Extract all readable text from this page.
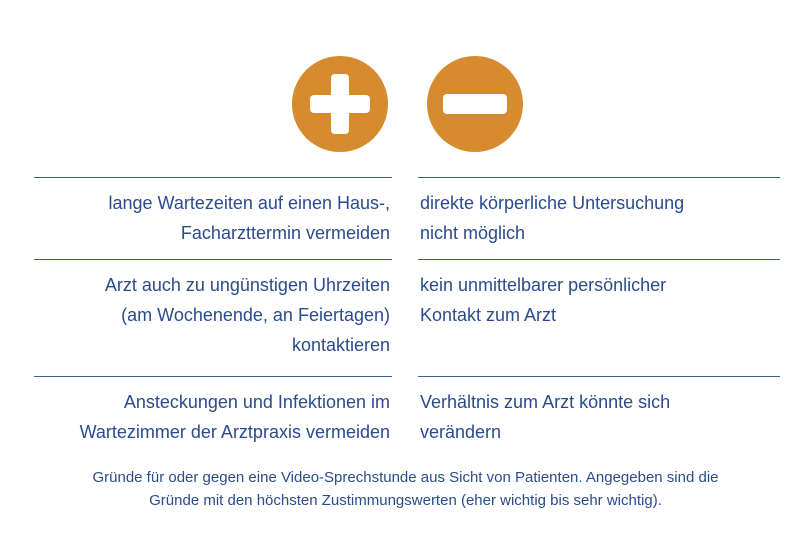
lange Wartezeiten auf einen Haus-,
Facharzttermin vermeiden
Arzt auch zu ungünstigen Uhrzeiten
(am Wochenende, an Feiertagen)
kontaktieren
Ansteckungen und Infektionen im
Wartezimmer der Arztpraxis vermeiden
direkte körperliche Untersuchung
nicht möglich
kein unmittelbarer persönlicher
Kontakt zum Arzt
Verhältnis zum Arzt könnte sich
verändern
Gründe für oder gegen eine Video-Sprechstunde aus Sicht von Patienten. Angegeben sind die
Gründe mit den höchsten Zustimmungswerten (eher wichtig bis sehr wichtig).
